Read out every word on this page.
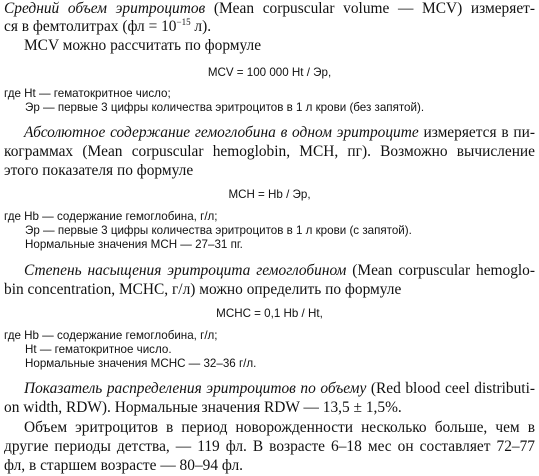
Средний объем эритроцитов (Mean corpuscular volume — MCV) измеряет-
ся в фемтолитрах ($фл = 10^{-15}$ л).
MCV можно рассчитать по формуле
MCV = 100 000 Ht / Эр,
где Ht — гематокритное число;
Эр — первые 3 цифры количества эритроцитов в 1 л крови (без запятой).
Абсолютное содержание гемоглобина в одном эритроците измеряется в пи-
кограммах (Mean corpuscular hemoglobin, MCH, пг). Возможно вычисление
этого показателя по формуле
MCH = Hb / Эр,
где Hb — содержание гемоглобина, г/л;
Эр — первые 3 цифры количества эритроцитов в 1 л крови (с запятой).
Нормальные значения МСН — 27–31 пг.
Степень насыщения эритроцита гемоглобином (Mean corpuscular hemoglo-
bin concentration, MCHC, г/л) можно определить по формуле
MCHC = 0,1 Hb / Ht,
где Hb — содержание гемоглобина, г/л;
Ht — гематокритное число.
Нормальные значения МСНС — 32–36 г/л.
Показатель распределения эритроцитов по объему (Red blood ceel distributi-
on width, RDW). Нормальные значения RDW — 13,5 ± 1,5%.
Объем эритроцитов в период новорожденности несколько больше, чем в
другие периоды детства, — 119 фл. В возрасте 6–18 мес он составляет 72–77
фл, в старшем возрасте — 80–94 фл.
